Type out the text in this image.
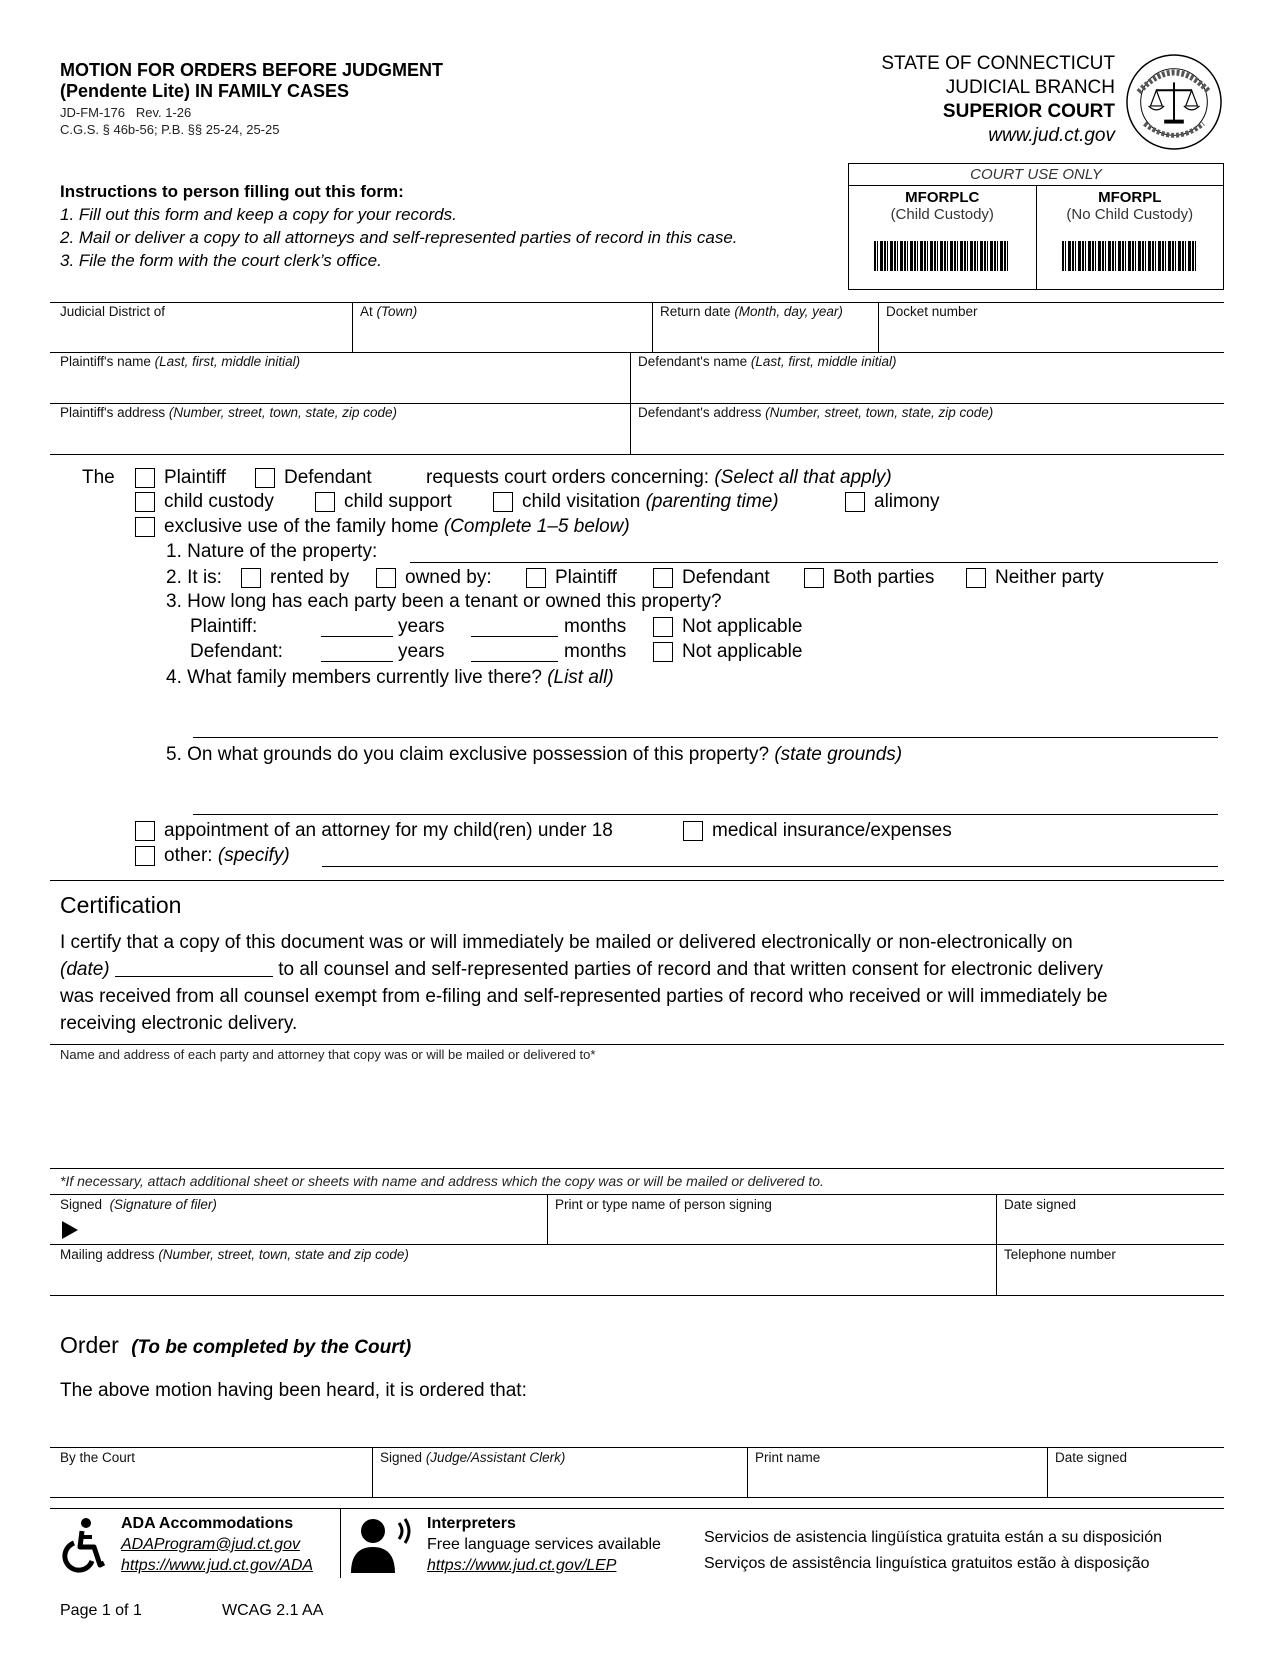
MOTION FOR ORDERS BEFORE JUDGMENT
(Pendente Lite) IN FAMILY CASES
JD-FM-176   Rev. 1-26
C.G.S. § 46b-56; P.B. §§ 25-24, 25-25
STATE OF CONNECTICUT
JUDICIAL BRANCH
SUPERIOR COURT
www.jud.ct.gov
Instructions to person filling out this form:
1. Fill out this form and keep a copy for your records.
2. Mail or deliver a copy to all attorneys and self-represented parties of record in this case.
3. File the form with the court clerk’s office.
COURT USE ONLY
MFORPLC
(Child Custody)
MFORPL
(No Child Custody)
Judicial District of	At (Town)	Return date (Month, day, year)	Docket number
Plaintiff's name (Last, first, middle initial)	Defendant's name (Last, first, middle initial)
Plaintiff's address (Number, street, town, state, zip code)	Defendant's address (Number, street, town, state, zip code)
The	Plaintiff	Defendant	requests court orders concerning: (Select all that apply)
child custody	child support	child visitation (parenting time)	alimony
exclusive use of the family home (Complete 1–5 below)
1. Nature of the property:
2. It is:	rented by	owned by:	Plaintiff	Defendant	Both parties	Neither party
3. How long has each party been a tenant or owned this property?
Plaintiff:	years	months	Not applicable
Defendant:	years	months	Not applicable
4. What family members currently live there? (List all)
5. On what grounds do you claim exclusive possession of this property? (state grounds)
appointment of an attorney for my child(ren) under 18	medical insurance/expenses
other: (specify)
Certification
I certify that a copy of this document was or will immediately be mailed or delivered electronically or non-electronically on
(date)	to all counsel and self-represented parties of record and that written consent for electronic delivery
was received from all counsel exempt from e-filing and self-represented parties of record who received or will immediately be
receiving electronic delivery.
Name and address of each party and attorney that copy was or will be mailed or delivered to*
*If necessary, attach additional sheet or sheets with name and address which the copy was or will be mailed or delivered to.
Signed (Signature of filer)	Print or type name of person signing	Date signed
Mailing address (Number, street, town, state and zip code)	Telephone number
Order (To be completed by the Court)
The above motion having been heard, it is ordered that:
By the Court	Signed (Judge/Assistant Clerk)	Print name	Date signed
ADA Accommodations
ADAProgram@jud.ct.gov
https://www.jud.ct.gov/ADA
Interpreters
Free language services available
https://www.jud.ct.gov/LEP
Servicios de asistencia lingüística gratuita están a su disposición
Serviços de assistência linguística gratuitos estão à disposição
Page 1 of 1	WCAG 2.1 AA
